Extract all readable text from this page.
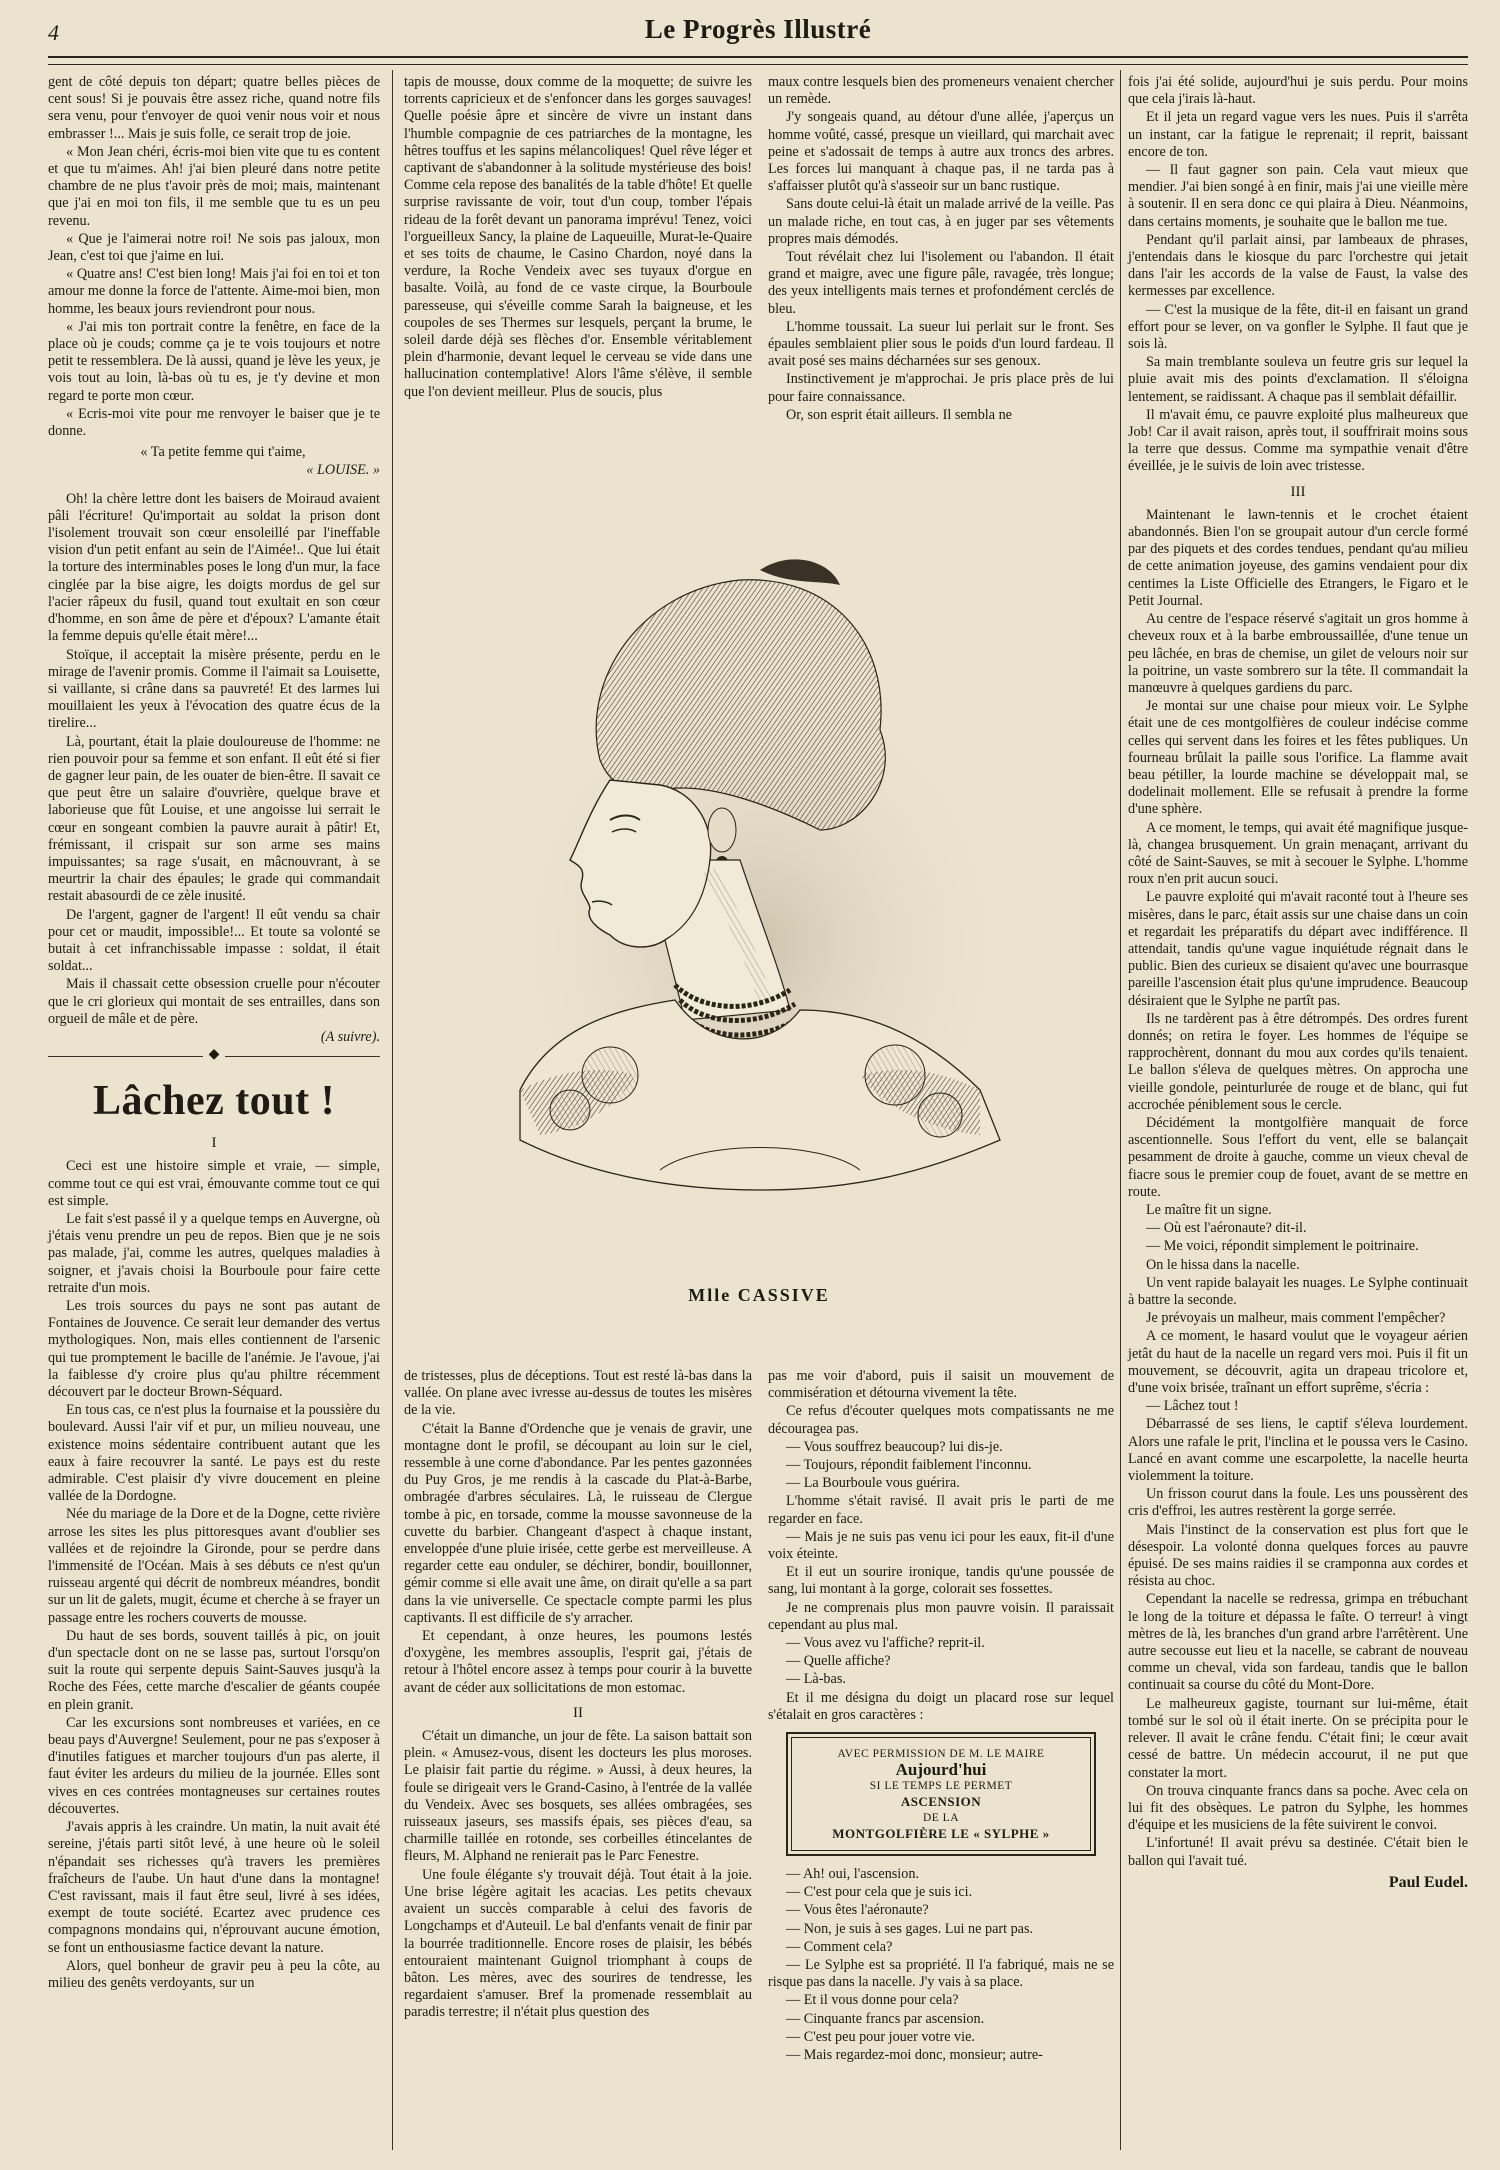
4	Le Progrès Illustré

gent de côté depuis ton départ; quatre belles pièces de cent sous! Si je pouvais être assez riche, quand notre fils sera venu, pour t'envoyer de quoi venir nous voir et nous embrasser !... Mais je suis folle, ce serait trop de joie.

« Mon Jean chéri, écris-moi bien vite que tu es content et que tu m'aimes. Ah! j'ai bien pleuré dans notre petite chambre de ne plus t'avoir près de moi; mais, maintenant que j'ai en moi ton fils, il me semble que tu es un peu revenu.

« Que je l'aimerai notre roi! Ne sois pas jaloux, mon Jean, c'est toi que j'aime en lui.

« Quatre ans! C'est bien long! Mais j'ai foi en toi et ton amour me donne la force de l'attente. Aime-moi bien, mon homme, les beaux jours reviendront pour nous.

« J'ai mis ton portrait contre la fenêtre, en face de la place où je couds; comme ça je te vois toujours et notre petit te ressemblera. De là aussi, quand je lève les yeux, je vois tout au loin, là-bas où tu es, je t'y devine et mon regard te porte mon cœur.

« Ecris-moi vite pour me renvoyer le baiser que je te donne.

« Ta petite femme qui t'aime,

« LOUISE. »

Oh! la chère lettre dont les baisers de Moiraud avaient pâli l'écriture! Qu'importait au soldat la prison dont l'isolement trouvait son cœur ensoleillé par l'ineffable vision d'un petit enfant au sein de l'Aimée!.. Que lui était la torture des interminables poses le long d'un mur, la face cinglée par la bise aigre, les doigts mordus de gel sur l'acier râpeux du fusil, quand tout exultait en son cœur d'homme, en son âme de père et d'époux? L'amante était la femme depuis qu'elle était mère!...

Stoïque, il acceptait la misère présente, perdu en le mirage de l'avenir promis. Comme il l'aimait sa Louisette, si vaillante, si crâne dans sa pauvreté! Et des larmes lui mouillaient les yeux à l'évocation des quatre écus de la tirelire...

Là, pourtant, était la plaie douloureuse de l'homme: ne rien pouvoir pour sa femme et son enfant. Il eût été si fier de gagner leur pain, de les ouater de bien-être. Il savait ce que peut être un salaire d'ouvrière, quelque brave et laborieuse que fût Louise, et une angoisse lui serrait le cœur en songeant combien la pauvre aurait à pâtir! Et, frémissant, il crispait sur son arme ses mains impuissantes; sa rage s'usait, en mâcnouvrant, à se meurtrir la chair des épaules; le grade qui commandait restait abasourdi de ce zèle inusité.

De l'argent, gagner de l'argent! Il eût vendu sa chair pour cet or maudit, impossible!... Et toute sa volonté se butait à cet infranchissable impasse : soldat, il était soldat...

Mais il chassait cette obsession cruelle pour n'écouter que le cri glorieux qui montait de ses entrailles, dans son orgueil de mâle et de père.

(A suivre).

◆
Lâchez tout !
I

Ceci est une histoire simple et vraie, — simple, comme tout ce qui est vrai, émouvante comme tout ce qui est simple.

Le fait s'est passé il y a quelque temps en Auvergne, où j'étais venu prendre un peu de repos. Bien que je ne sois pas malade, j'ai, comme les autres, quelques maladies à soigner, et j'avais choisi la Bourboule pour faire cette retraite d'un mois.

Les trois sources du pays ne sont pas autant de Fontaines de Jouvence. Ce serait leur demander des vertus mythologiques. Non, mais elles contiennent de l'arsenic qui tue promptement le bacille de l'anémie. Je l'avoue, j'ai la faiblesse d'y croire plus qu'au philtre récemment découvert par le docteur Brown-Séquard.

En tous cas, ce n'est plus la fournaise et la poussière du boulevard. Aussi l'air vif et pur, un milieu nouveau, une existence moins sédentaire contribuent autant que les eaux à faire recouvrer la santé. Le pays est du reste admirable. C'est plaisir d'y vivre doucement en pleine vallée de la Dordogne.

Née du mariage de la Dore et de la Dogne, cette rivière arrose les sites les plus pittoresques avant d'oublier ses vallées et de rejoindre la Gironde, pour se perdre dans l'immensité de l'Océan. Mais à ses débuts ce n'est qu'un ruisseau argenté qui décrit de nombreux méandres, bondit sur un lit de galets, mugit, écume et cherche à se frayer un passage entre les rochers couverts de mousse.

Du haut de ses bords, souvent taillés à pic, on jouit d'un spectacle dont on ne se lasse pas, surtout l'orsqu'on suit la route qui serpente depuis Saint-Sauves jusqu'à la Roche des Fées, cette marche d'escalier de géants coupée en plein granit.

Car les excursions sont nombreuses et variées, en ce beau pays d'Auvergne! Seulement, pour ne pas s'exposer à d'inutiles fatigues et marcher toujours d'un pas alerte, il faut éviter les ardeurs du milieu de la journée. Elles sont vives en ces contrées montagneuses sur certaines routes découvertes.

J'avais appris à les craindre. Un matin, la nuit avait été sereine, j'étais parti sitôt levé, à une heure où le soleil n'épandait ses richesses qu'à travers les premières fraîcheurs de l'aube. Un haut d'une dans la montagne! C'est ravissant, mais il faut être seul, livré à ses idées, exempt de toute société. Ecartez avec prudence ces compagnons mondains qui, n'éprouvant aucune émotion, se font un enthousiasme factice devant la nature.

Alors, quel bonheur de gravir peu à peu la côte, au milieu des genêts verdoyants, sur un

tapis de mousse, doux comme de la moquette; de suivre les torrents capricieux et de s'enfoncer dans les gorges sauvages! Quelle poésie âpre et sincère de vivre un instant dans l'humble compagnie de ces patriarches de la montagne, les hêtres touffus et les sapins mélancoliques! Quel rêve léger et captivant de s'abandonner à la solitude mystérieuse des bois! Comme cela repose des banalités de la table d'hôte! Et quelle surprise ravissante de voir, tout d'un coup, tomber l'épais rideau de la forêt devant un panorama imprévu! Tenez, voici l'orgueilleux Sancy, la plaine de Laqueuille, Murat-le-Quaire et ses toits de chaume, le Casino Chardon, noyé dans la verdure, la Roche Vendeix avec ses tuyaux d'orgue en basalte. Voilà, au fond de ce vaste cirque, la Bourboule paresseuse, qui s'éveille comme Sarah la baigneuse, et les coupoles de ses Thermes sur lesquels, perçant la brume, le soleil darde déjà ses flèches d'or. Ensemble véritablement plein d'harmonie, devant lequel le cerveau se vide dans une hallucination contemplative! Alors l'âme s'élève, il semble que l'on devient meilleur. Plus de soucis, plus

maux contre lesquels bien des promeneurs venaient chercher un remède.

J'y songeais quand, au détour d'une allée, j'aperçus un homme voûté, cassé, presque un vieillard, qui marchait avec peine et s'adossait de temps à autre aux troncs des arbres. Les forces lui manquant à chaque pas, il ne tarda pas à s'affaisser plutôt qu'à s'asseoir sur un banc rustique.

Sans doute celui-là était un malade arrivé de la veille. Pas un malade riche, en tout cas, à en juger par ses vêtements propres mais démodés.

Tout révélait chez lui l'isolement ou l'abandon. Il était grand et maigre, avec une figure pâle, ravagée, très longue; des yeux intelligents mais ternes et profondément cerclés de bleu.

L'homme toussait. La sueur lui perlait sur le front. Ses épaules semblaient plier sous le poids d'un lourd fardeau. Il avait posé ses mains décharnées sur ses genoux.

Instinctivement je m'approchai. Je pris place près de lui pour faire connaissance.

Or, son esprit était ailleurs. Il sembla ne

Mlle CASSIVE

de tristesses, plus de déceptions. Tout est resté là-bas dans la vallée. On plane avec ivresse au-dessus de toutes les misères de la vie.

C'était la Banne d'Ordenche que je venais de gravir, une montagne dont le profil, se découpant au loin sur le ciel, ressemble à une corne d'abondance. Par les pentes gazonnées du Puy Gros, je me rendis à la cascade du Plat-à-Barbe, ombragée d'arbres séculaires. Là, le ruisseau de Clergue tombe à pic, en torsade, comme la mousse savonneuse de la cuvette du barbier. Changeant d'aspect à chaque instant, enveloppée d'une pluie irisée, cette gerbe est merveilleuse. A regarder cette eau onduler, se déchirer, bondir, bouillonner, gémir comme si elle avait une âme, on dirait qu'elle a sa part dans la vie universelle. Ce spectacle compte parmi les plus captivants. Il est difficile de s'y arracher.

Et cependant, à onze heures, les poumons lestés d'oxygène, les membres assouplis, l'esprit gai, j'étais de retour à l'hôtel encore assez à temps pour courir à la buvette avant de céder aux sollicitations de mon estomac.

II

C'était un dimanche, un jour de fête. La saison battait son plein. « Amusez-vous, disent les docteurs les plus moroses. Le plaisir fait partie du régime. » Aussi, à deux heures, la foule se dirigeait vers le Grand-Casino, à l'entrée de la vallée du Vendeix. Avec ses bosquets, ses allées ombragées, ses ruisseaux jaseurs, ses massifs épais, ses pièces d'eau, sa charmille taillée en rotonde, ses corbeilles étincelantes de fleurs, M. Alphand ne renierait pas le Parc Fenestre.

Une foule élégante s'y trouvait déjà. Tout était à la joie. Une brise légère agitait les acacias. Les petits chevaux avaient un succès comparable à celui des favoris de Longchamps et d'Auteuil. Le bal d'enfants venait de finir par la bourrée traditionnelle. Encore roses de plaisir, les bébés entouraient maintenant Guignol triomphant à coups de bâton. Les mères, avec des sourires de tendresse, les regardaient s'amuser. Bref la promenade ressemblait au paradis terrestre; il n'était plus question des

pas me voir d'abord, puis il saisit un mouvement de commisération et détourna vivement la tête.

Ce refus d'écouter quelques mots compatissants ne me découragea pas.

— Vous souffrez beaucoup? lui dis-je.

— Toujours, répondit faiblement l'inconnu.

— La Bourboule vous guérira.

L'homme s'était ravisé. Il avait pris le parti de me regarder en face.

— Mais je ne suis pas venu ici pour les eaux, fit-il d'une voix éteinte.

Et il eut un sourire ironique, tandis qu'une poussée de sang, lui montant à la gorge, colorait ses fossettes.

Je ne comprenais plus mon pauvre voisin. Il paraissait cependant au plus mal.

— Vous avez vu l'affiche? reprit-il.

— Quelle affiche?

— Là-bas.

Et il me désigna du doigt un placard rose sur lequel s'étalait en gros caractères :

AVEC PERMISSION DE M. LE MAIRE
Aujourd'hui
SI LE TEMPS LE PERMET
ASCENSION
DE LA
MONTGOLFIÈRE LE « SYLPHE »

— Ah! oui, l'ascension.

— C'est pour cela que je suis ici.

— Vous êtes l'aéronaute?

— Non, je suis à ses gages. Lui ne part pas.

— Comment cela?

— Le Sylphe est sa propriété. Il l'a fabriqué, mais ne se risque pas dans la nacelle. J'y vais à sa place.

— Et il vous donne pour cela?

— Cinquante francs par ascension.

— C'est peu pour jouer votre vie.

— Mais regardez-moi donc, monsieur; autre-

fois j'ai été solide, aujourd'hui je suis perdu. Pour moins que cela j'irais là-haut.

Et il jeta un regard vague vers les nues. Puis il s'arrêta un instant, car la fatigue le reprenait; il reprit, baissant encore de ton.

— Il faut gagner son pain. Cela vaut mieux que mendier. J'ai bien songé à en finir, mais j'ai une vieille mère à soutenir. Il en sera donc ce qui plaira à Dieu. Néanmoins, dans certains moments, je souhaite que le ballon me tue.

Pendant qu'il parlait ainsi, par lambeaux de phrases, j'entendais dans le kiosque du parc l'orchestre qui jetait dans l'air les accords de la valse de Faust, la valse des kermesses par excellence.

— C'est la musique de la fête, dit-il en faisant un grand effort pour se lever, on va gonfler le Sylphe. Il faut que je sois là.

Sa main tremblante souleva un feutre gris sur lequel la pluie avait mis des points d'exclamation. Il s'éloigna lentement, se raidissant. A chaque pas il semblait défaillir.

Il m'avait ému, ce pauvre exploité plus malheureux que Job! Car il avait raison, après tout, il souffrirait moins sous la terre que dessus. Comme ma sympathie venait d'être éveillée, je le suivis de loin avec tristesse.

III

Maintenant le lawn-tennis et le crochet étaient abandonnés. Bien l'on se groupait autour d'un cercle formé par des piquets et des cordes tendues, pendant qu'au milieu de cette animation joyeuse, des gamins vendaient pour dix centimes la Liste Officielle des Etrangers, le Figaro et le Petit Journal.

Au centre de l'espace réservé s'agitait un gros homme à cheveux roux et à la barbe embroussaillée, d'une tenue un peu lâchée, en bras de chemise, un gilet de velours noir sur la poitrine, un vaste sombrero sur la tête. Il commandait la manœuvre à quelques gardiens du parc.

Je montai sur une chaise pour mieux voir. Le Sylphe était une de ces montgolfières de couleur indécise comme celles qui servent dans les foires et les fêtes publiques. Un fourneau brûlait la paille sous l'orifice. La flamme avait beau pétiller, la lourde machine se développait mal, se dodelinait mollement. Elle se refusait à prendre la forme d'une sphère.

A ce moment, le temps, qui avait été magnifique jusque-là, changea brusquement. Un grain menaçant, arrivant du côté de Saint-Sauves, se mit à secouer le Sylphe. L'homme roux n'en prit aucun souci.

Le pauvre exploité qui m'avait raconté tout à l'heure ses misères, dans le parc, était assis sur une chaise dans un coin et regardait les préparatifs du départ avec indifférence. Il attendait, tandis qu'une vague inquiétude régnait dans le public. Bien des curieux se disaient qu'avec une bourrasque pareille l'ascension était plus qu'une imprudence. Beaucoup désiraient que le Sylphe ne partît pas.

Ils ne tardèrent pas à être détrompés. Des ordres furent donnés; on retira le foyer. Les hommes de l'équipe se rapprochèrent, donnant du mou aux cordes qu'ils tenaient. Le ballon s'éleva de quelques mètres. On approcha une vieille gondole, peinturlurée de rouge et de blanc, qui fut accrochée péniblement sous le cercle.

Décidément la montgolfière manquait de force ascentionnelle. Sous l'effort du vent, elle se balançait pesamment de droite à gauche, comme un vieux cheval de fiacre sous le premier coup de fouet, avant de se mettre en route.

Le maître fit un signe.

— Où est l'aéronaute? dit-il.

— Me voici, répondit simplement le poitrinaire.

On le hissa dans la nacelle.

Un vent rapide balayait les nuages. Le Sylphe continuait à battre la seconde.

Je prévoyais un malheur, mais comment l'empêcher?

A ce moment, le hasard voulut que le voyageur aérien jetât du haut de la nacelle un regard vers moi. Puis il fit un mouvement, se découvrit, agita un drapeau tricolore et, d'une voix brisée, traînant un effort suprême, s'écria :

— Lâchez tout !

Débarrassé de ses liens, le captif s'éleva lourdement. Alors une rafale le prit, l'inclina et le poussa vers le Casino. Lancé en avant comme une escarpolette, la nacelle heurta violemment la toiture.

Un frisson courut dans la foule. Les uns poussèrent des cris d'effroi, les autres restèrent la gorge serrée.

Mais l'instinct de la conservation est plus fort que le désespoir. La volonté donna quelques forces au pauvre épuisé. De ses mains raidies il se cramponna aux cordes et résista au choc.

Cependant la nacelle se redressa, grimpa en trébuchant le long de la toiture et dépassa le faîte. O terreur! à vingt mètres de là, les branches d'un grand arbre l'arrêtèrent. Une autre secousse eut lieu et la nacelle, se cabrant de nouveau comme un cheval, vida son fardeau, tandis que le ballon continuait sa course du côté du Mont-Dore.

Le malheureux gagiste, tournant sur lui-même, était tombé sur le sol où il était inerte. On se précipita pour le relever. Il avait le crâne fendu. C'était fini; le cœur avait cessé de battre. Un médecin accourut, il ne put que constater la mort.

On trouva cinquante francs dans sa poche. Avec cela on lui fit des obsèques. Le patron du Sylphe, les hommes d'équipe et les musiciens de la fête suivirent le convoi.

L'infortuné! Il avait prévu sa destinée. C'était bien le ballon qui l'avait tué.

Paul Eudel.
